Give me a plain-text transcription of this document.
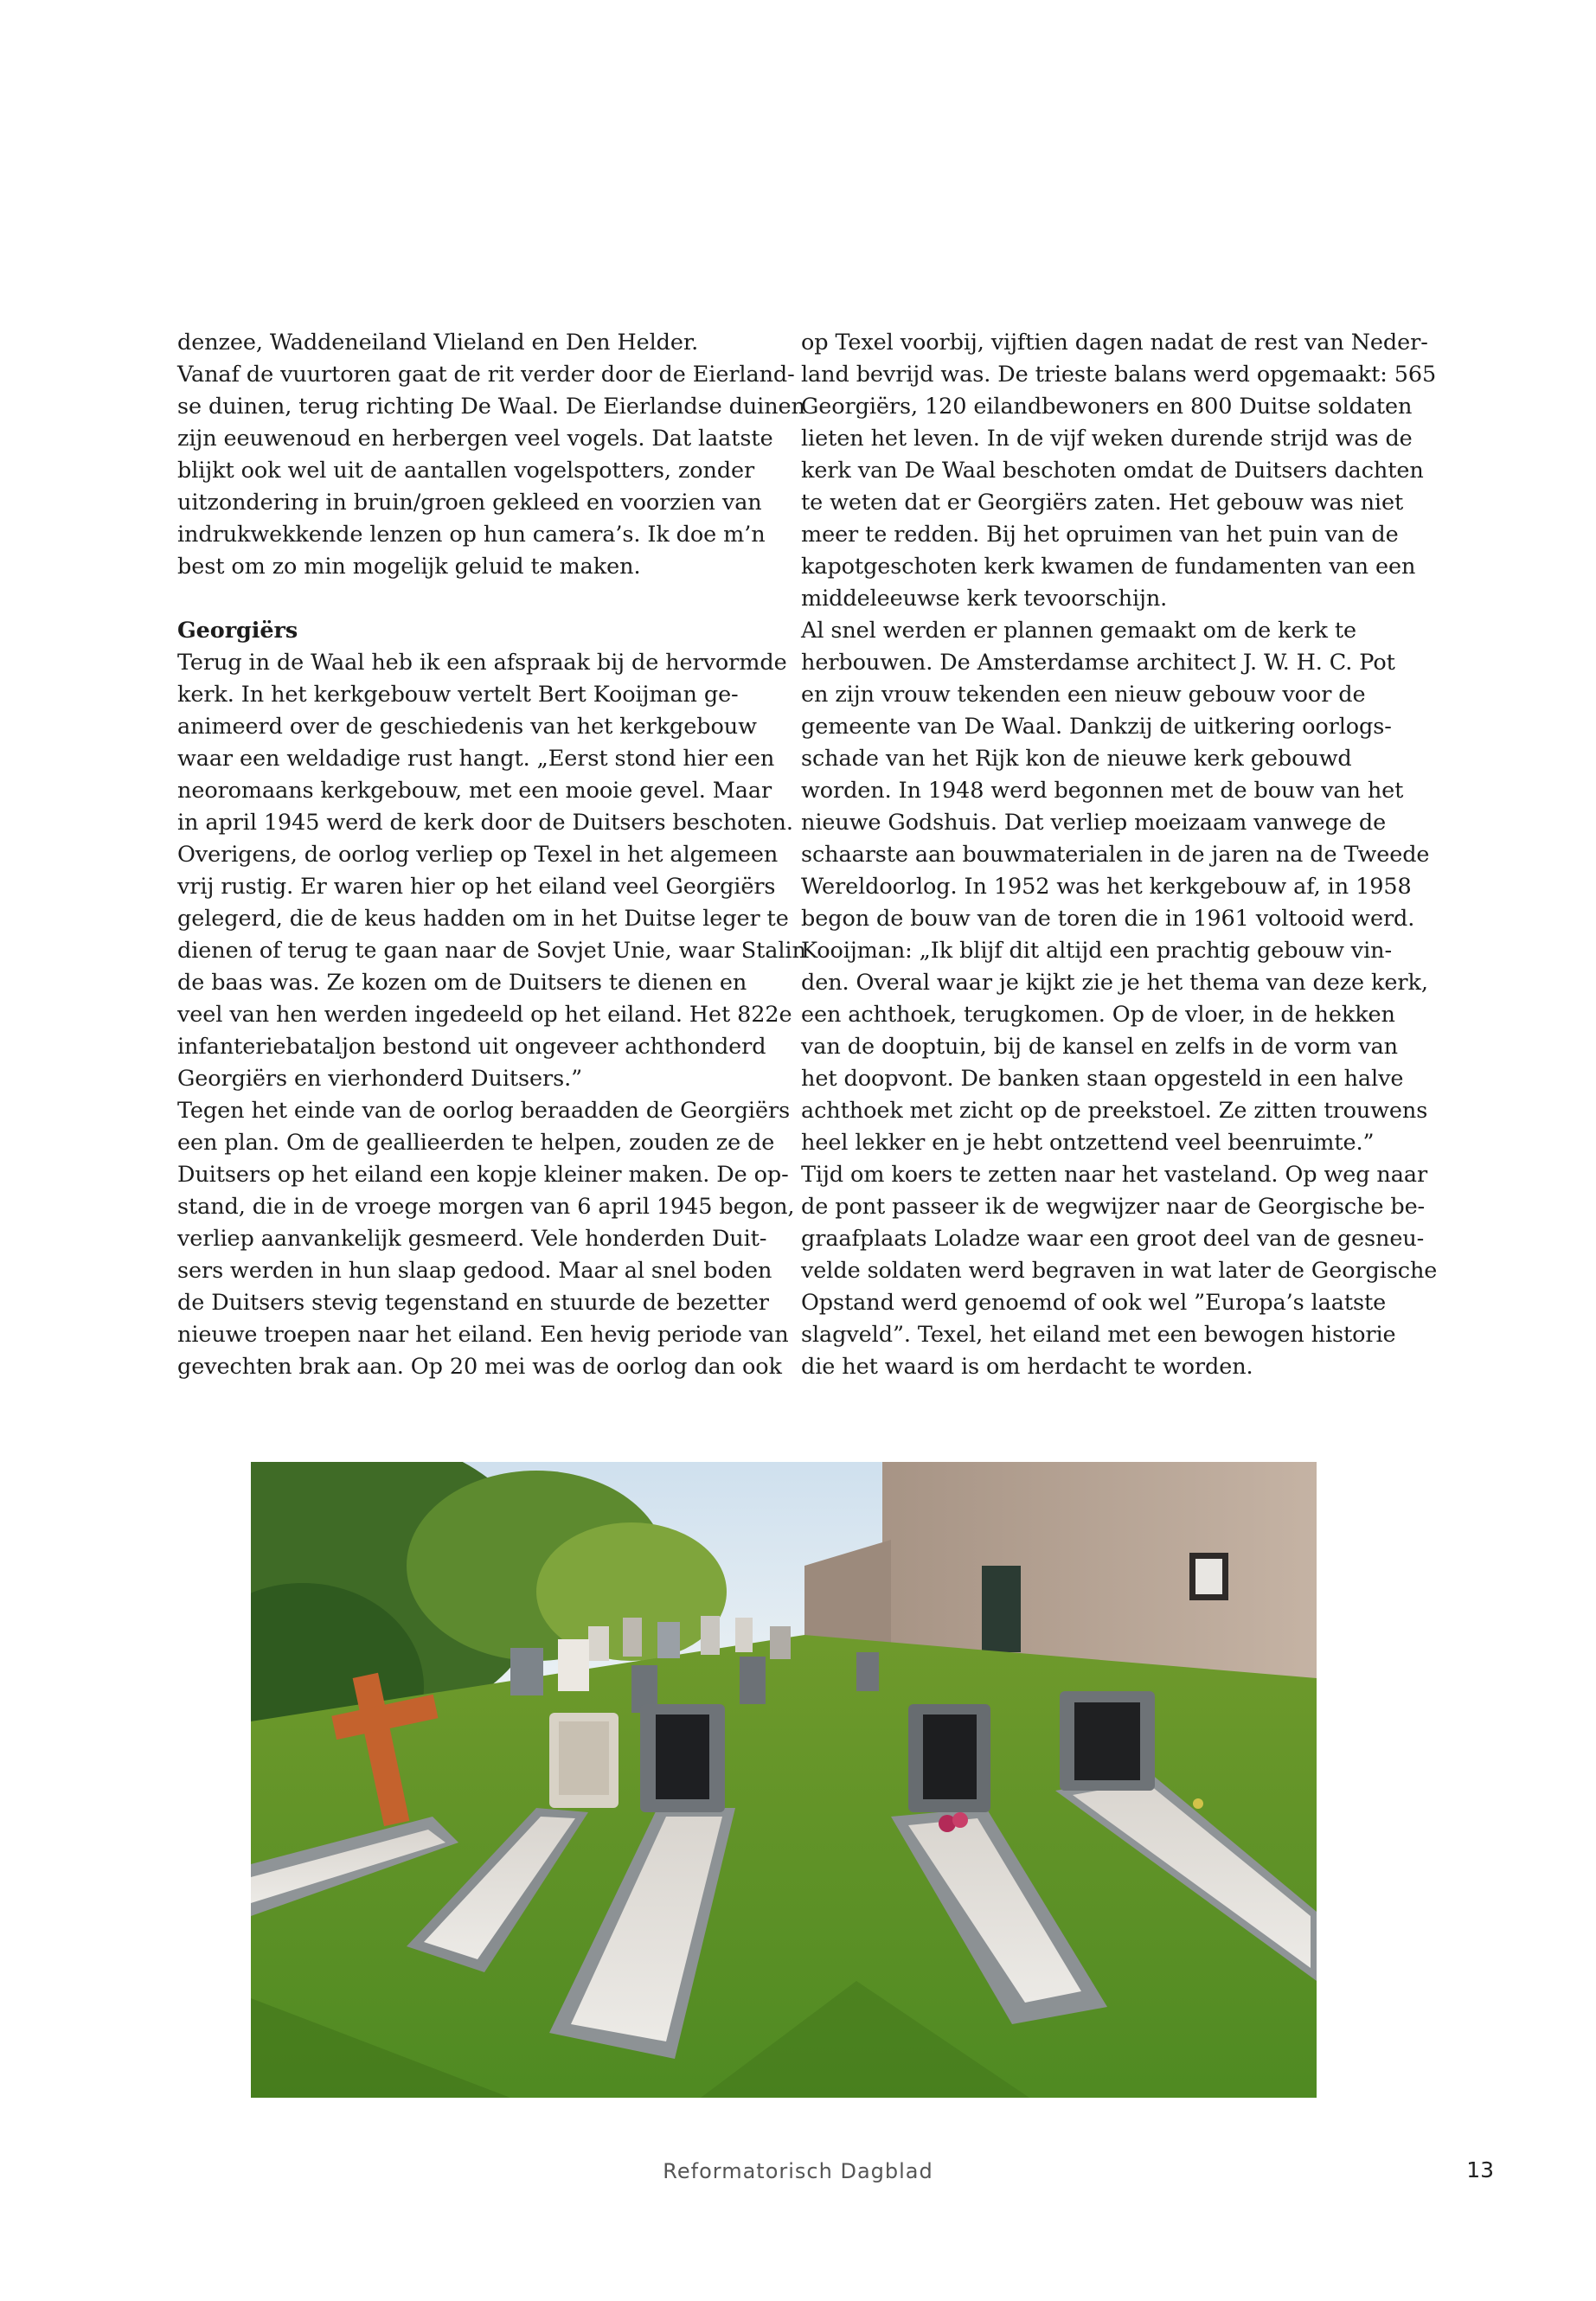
denzee, Waddeneiland Vlieland en Den Helder.

Vanaf de vuurtoren gaat de rit verder door de Eierland-

se duinen, terug richting De Waal. De Eierlandse duinen

zijn eeuwenoud en herbergen veel vogels. Dat laatste

blijkt ook wel uit de aantallen vogelspotters, zonder

uitzondering in bruin/groen gekleed en voorzien van

indrukwekkende lenzen op hun camera’s. Ik doe m’n

best om zo min mogelijk geluid te maken.

Georgiërs

Terug in de Waal heb ik een afspraak bij de hervormde

kerk. In het kerkgebouw vertelt Bert Kooijman ge-

animeerd over de geschiedenis van het kerkgebouw

waar een weldadige rust hangt. „Eerst stond hier een

neoromaans kerkgebouw, met een mooie gevel. Maar

in april 1945 werd de kerk door de Duitsers beschoten.

Overigens, de oorlog verliep op Texel in het algemeen

vrij rustig. Er waren hier op het eiland veel Georgiërs

gelegerd, die de keus hadden om in het Duitse leger te

dienen of terug te gaan naar de Sovjet Unie, waar Stalin

de baas was. Ze kozen om de Duitsers te dienen en

veel van hen werden ingedeeld op het eiland. Het 822e

infanteriebataljon bestond uit ongeveer achthonderd

Georgiërs en vierhonderd Duitsers.”

Tegen het einde van de oorlog beraadden de Georgiërs

een plan. Om de geallieerden te helpen, zouden ze de

Duitsers op het eiland een kopje kleiner maken. De op-

stand, die in de vroege morgen van 6 april 1945 begon,

verliep aanvankelijk gesmeerd. Vele honderden Duit-

sers werden in hun slaap gedood. Maar al snel boden

de Duitsers stevig tegenstand en stuurde de bezetter

nieuwe troepen naar het eiland. Een hevig periode van

gevechten brak aan. Op 20 mei was de oorlog dan ook

op Texel voorbij, vijftien dagen nadat de rest van Neder-

land bevrijd was. De trieste balans werd opgemaakt: 565

Georgiërs, 120 eilandbewoners en 800 Duitse soldaten

lieten het leven. In de vijf weken durende strijd was de

kerk van De Waal beschoten omdat de Duitsers dachten

te weten dat er Georgiërs zaten. Het gebouw was niet

meer te redden. Bij het opruimen van het puin van de

kapotgeschoten kerk kwamen de fundamenten van een

middeleeuwse kerk tevoorschijn.

Al snel werden er plannen gemaakt om de kerk te

herbouwen. De Amsterdamse architect J. W. H. C. Pot

en zijn vrouw tekenden een nieuw gebouw voor de

gemeente van De Waal. Dankzij de uitkering oorlogs-

schade van het Rijk kon de nieuwe kerk gebouwd

worden. In 1948 werd begonnen met de bouw van het

nieuwe Godshuis. Dat verliep moeizaam vanwege de

schaarste aan bouwmaterialen in de jaren na de Tweede

Wereldoorlog. In 1952 was het kerkgebouw af, in 1958

begon de bouw van de toren die in 1961 voltooid werd.

Kooijman: „Ik blijf dit altijd een prachtig gebouw vin-

den. Overal waar je kijkt zie je het thema van deze kerk,

een achthoek, terugkomen. Op de vloer, in de hekken

van de dooptuin, bij de kansel en zelfs in de vorm van

het doopvont. De banken staan opgesteld in een halve

achthoek met zicht op de preekstoel. Ze zitten trouwens

heel lekker en je hebt ontzettend veel beenruimte.”

Tijd om koers te zetten naar het vasteland. Op weg naar

de pont passeer ik de wegwijzer naar de Georgische be-

graafplaats Loladze waar een groot deel van de gesneu-

velde soldaten werd begraven in wat later de Georgische

Opstand werd genoemd of ook wel ”Europa’s laatste

slagveld”. Texel, het eiland met een bewogen historie

die het waard is om herdacht te worden.

Reformatorisch Dagblad	13
